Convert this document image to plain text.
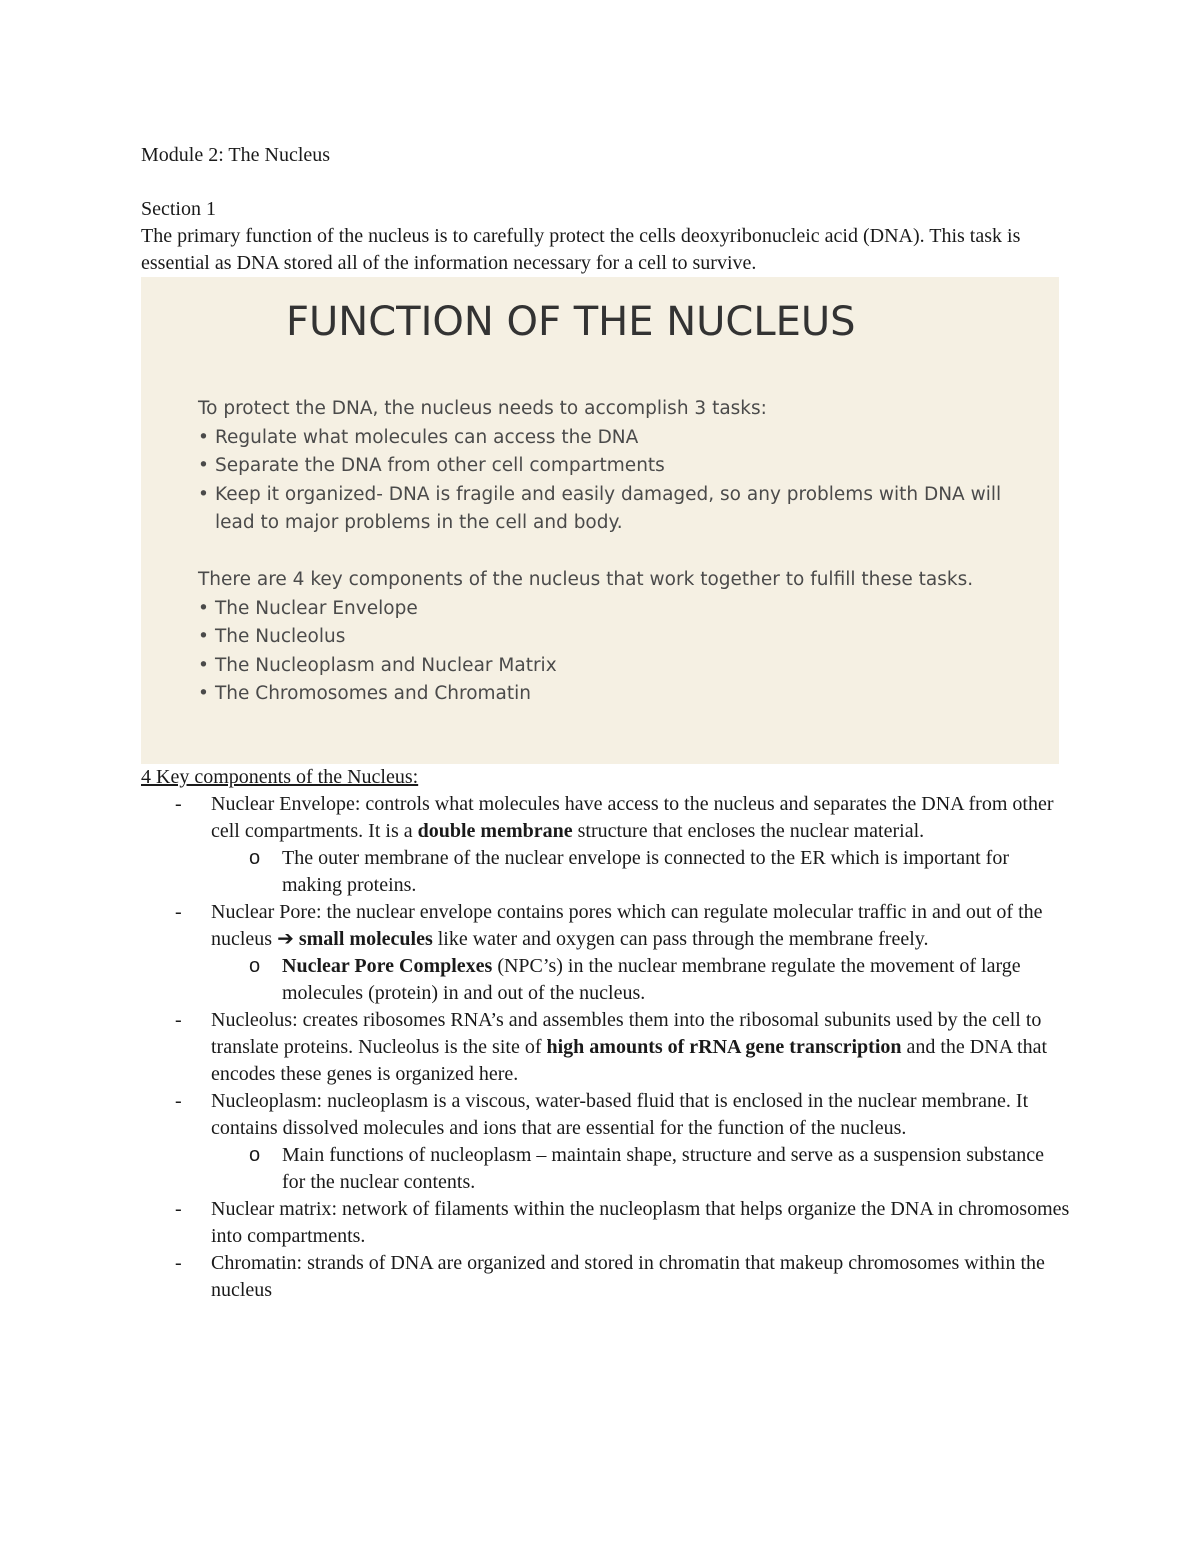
Module 2: The Nucleus

Section 1

The primary function of the nucleus is to carefully protect the cells deoxyribonucleic acid (DNA). This task is essential as DNA stored all of the information necessary for a cell to survive.

FUNCTION OF THE NUCLEUS

To protect the DNA, the nucleus needs to accomplish 3 tasks:

• Regulate what molecules can access the DNA
• Separate the DNA from other cell compartments
• Keep it organized- DNA is fragile and easily damaged, so any problems with DNA will lead to major problems in the cell and body.

There are 4 key components of the nucleus that work together to fulfill these tasks.

• The Nuclear Envelope
• The Nucleolus
• The Nucleoplasm and Nuclear Matrix
• The Chromosomes and Chromatin

4 Key components of the Nucleus:

- Nuclear Envelope: controls what molecules have access to the nucleus and separates the DNA from other cell compartments. It is a double membrane structure that encloses the nuclear material.

o The outer membrane of the nuclear envelope is connected to the ER which is important for making proteins.

- Nuclear Pore: the nuclear envelope contains pores which can regulate molecular traffic in and out of the nucleus ➔ small molecules like water and oxygen can pass through the membrane freely.

o Nuclear Pore Complexes (NPC’s) in the nuclear membrane regulate the movement of large molecules (protein) in and out of the nucleus.

- Nucleolus: creates ribosomes RNA’s and assembles them into the ribosomal subunits used by the cell to translate proteins. Nucleolus is the site of high amounts of rRNA gene transcription and the DNA that encodes these genes is organized here.

- Nucleoplasm: nucleoplasm is a viscous, water-based fluid that is enclosed in the nuclear membrane. It contains dissolved molecules and ions that are essential for the function of the nucleus.

o Main functions of nucleoplasm – maintain shape, structure and serve as a suspension substance for the nuclear contents.

- Nuclear matrix: network of filaments within the nucleoplasm that helps organize the DNA in chromosomes into compartments.

- Chromatin: strands of DNA are organized and stored in chromatin that makeup chromosomes within the nucleus
